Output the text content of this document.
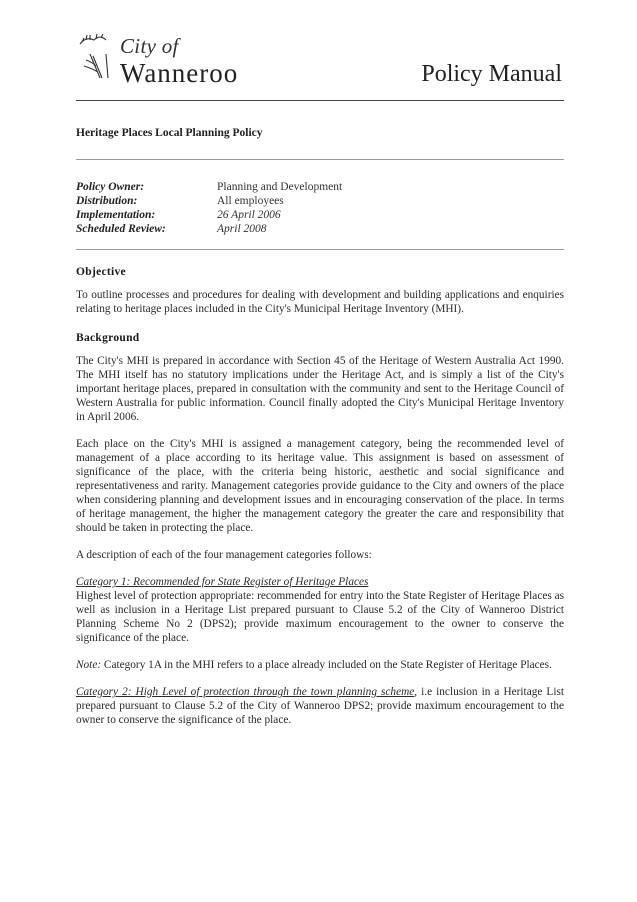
City of
Wanneroo	Policy Manual
Heritage Places Local Planning Policy
Policy Owner:	Planning and Development
Distribution:	All employees
Implementation:	26 April 2006
Scheduled Review:	April 2008
Objective

To outline processes and procedures for dealing with development and building applications and enquiries relating to heritage places included in the City's Municipal Heritage Inventory (MHI).

Background

The City's MHI is prepared in accordance with Section 45 of the Heritage of Western Australia Act 1990. The MHI itself has no statutory implications under the Heritage Act, and is simply a list of the City's important heritage places, prepared in consultation with the community and sent to the Heritage Council of Western Australia for public information. Council finally adopted the City's Municipal Heritage Inventory in April 2006.

Each place on the City's MHI is assigned a management category, being the recommended level of management of a place according to its heritage value. This assignment is based on assessment of significance of the place, with the criteria being historic, aesthetic and social significance and representativeness and rarity. Management categories provide guidance to the City and owners of the place when considering planning and development issues and in encouraging conservation of the place. In terms of heritage management, the higher the management category the greater the care and responsibility that should be taken in protecting the place.

A description of each of the four management categories follows:

Category 1: Recommended for State Register of Heritage Places

Highest level of protection appropriate: recommended for entry into the State Register of Heritage Places as well as inclusion in a Heritage List prepared pursuant to Clause 5.2 of the City of Wanneroo District Planning Scheme No 2 (DPS2); provide maximum encouragement to the owner to conserve the significance of the place.

Note: Category 1A in the MHI refers to a place already included on the State Register of Heritage Places.

Category 2: High Level of protection through the town planning scheme, i.e inclusion in a Heritage List prepared pursuant to Clause 5.2 of the City of Wanneroo DPS2; provide maximum encouragement to the owner to conserve the significance of the place.
